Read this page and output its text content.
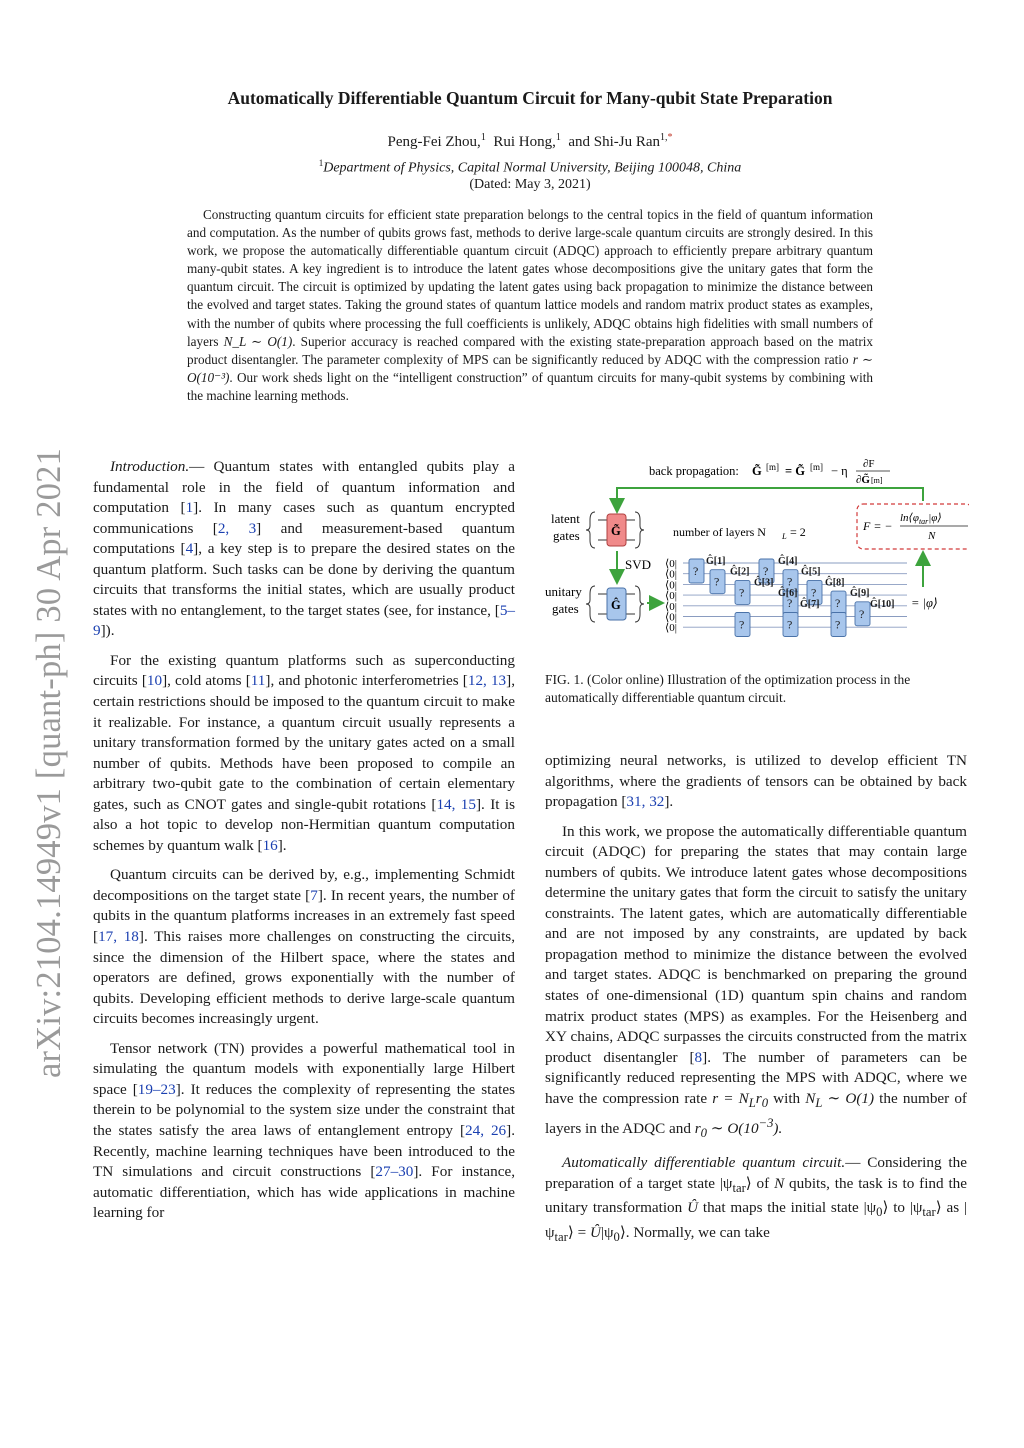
Automatically Differentiable Quantum Circuit for Many-qubit State Preparation
Peng-Fei Zhou,$^1$ Rui Hong,$^1$ and Shi-Ju Ran$^{1,*}$
$^1$Department of Physics, Capital Normal University, Beijing 100048, China
(Dated: May 3, 2021)
Constructing quantum circuits for efficient state preparation belongs to the central topics in the field of quantum information and computation. As the number of qubits grows fast, methods to derive large-scale quantum circuits are strongly desired. In this work, we propose the automatically differentiable quantum circuit (ADQC) approach to efficiently prepare arbitrary quantum many-qubit states. A key ingredient is to introduce the latent gates whose decompositions give the unitary gates that form the quantum circuit. The circuit is optimized by updating the latent gates using back propagation to minimize the distance between the evolved and target states. Taking the ground states of quantum lattice models and random matrix product states as examples, with the number of qubits where processing the full coefficients is unlikely, ADQC obtains high fidelities with small numbers of layers N_L ∼ O(1). Superior accuracy is reached compared with the existing state-preparation approach based on the matrix product disentangler. The parameter complexity of MPS can be significantly reduced by ADQC with the compression ratio r ∼ O(10⁻³). Our work sheds light on the “intelligent construction” of quantum circuits for many-qubit systems by combining with the machine learning methods.
arXiv:2104.14949v1 [quant-ph] 30 Apr 2021	Introduction.— Quantum states with entangled qubits play a fundamental role in the field of quantum information and computation [1]. In many cases such as quantum encrypted communications [2, 3] and measurement-based quantum computations [4], a key step is to prepare the desired states on the quantum platform. Such tasks can be done by deriving the quantum circuits that transforms the initial states, which are usually product states with no entanglement, to the target states (see, for instance, [5–9]).

For the existing quantum platforms such as superconducting circuits [10], cold atoms [11], and photonic interferometries [12, 13], certain restrictions should be imposed to the quantum circuit to make it realizable. For instance, a quantum circuit usually represents a unitary transformation formed by the unitary gates acted on a small number of qubits. Methods have been proposed to compile an arbitrary two-qubit gate to the combination of certain elementary gates, such as CNOT gates and single-qubit rotations [14, 15]. It is also a hot topic to develop non-Hermitian quantum computation schemes by quantum walk [16].

Quantum circuits can be derived by, e.g., implementing Schmidt decompositions on the target state [7]. In recent years, the number of qubits in the quantum platforms increases in an extremely fast speed [17, 18]. This raises more challenges on constructing the circuits, since the dimension of the Hilbert space, where the states and operators are defined, grows exponentially with the number of qubits. Developing efficient methods to derive large-scale quantum circuits becomes increasingly urgent.

Tensor network (TN) provides a powerful mathematical tool in simulating the quantum models with exponentially large Hilbert space [19–23]. It reduces the complexity of representing the states therein to be polynomial to the system size under the constraint that the states satisfy the area laws of entanglement entropy [24, 26]. Recently, machine learning techniques have been introduced to the TN simulations and circuit constructions [27–30]. For instance, automatic differentiation, which has wide applications in machine learning for

back propagation: G̃ [m] = G̃ [m] − η ∂F
∂G̃ [m]
latent
gates	G̃	number of layers N L = 2	F = −
$\ln⟨\varphi_{tar}|\varphi⟩$
N
SVD
unitary
gates	Ĝ
⟨0|
⟨0|
⟨0|
⟨0|
⟨0|
⟨0|
⟨0|
?
?
?
?
?
?
?
?
?	?	?
?
Ĝ[1]
Ĝ[2]
Ĝ[3]
Ĝ[4]
Ĝ[5]
Ĝ[6]
Ĝ[7]
Ĝ[8]
Ĝ[9]
Ĝ[10] = |φ⟩
FIG. 1. (Color online) Illustration of the optimization process in the automatically differentiable quantum circuit.

optimizing neural networks, is utilized to develop efficient TN algorithms, where the gradients of tensors can be obtained by back propagation [31, 32].

In this work, we propose the automatically differentiable quantum circuit (ADQC) for preparing the states that may contain large numbers of qubits. We introduce latent gates whose decompositions determine the unitary gates that form the circuit to satisfy the unitary constraints. The latent gates, which are automatically differentiable and are not imposed by any constraints, are updated by back propagation method to minimize the distance between the evolved and target states. ADQC is benchmarked on preparing the ground states of one-dimensional (1D) quantum spin chains and random matrix product states (MPS) as examples. For the Heisenberg and XY chains, ADQC surpasses the circuits constructed from the matrix product disentangler [8]. The number of parameters can be significantly reduced representing the MPS with ADQC, where we have the compression rate $r = N_Lr_0$ with $N_L$ ∼ O(1) the number of layers in the ADQC and $r_0$ ∼ $O(10^{-3})$.

Automatically differentiable quantum circuit.— Considering the preparation of a target state $|\psi_{tar}⟩$ of N qubits, the task is to find the unitary transformation Û that maps the initial state $|\psi_0⟩$ to $|\psi_{tar}⟩$ as $|\psi_{tar}⟩$ = $Û|\psi_0⟩$. Normally, we can take
